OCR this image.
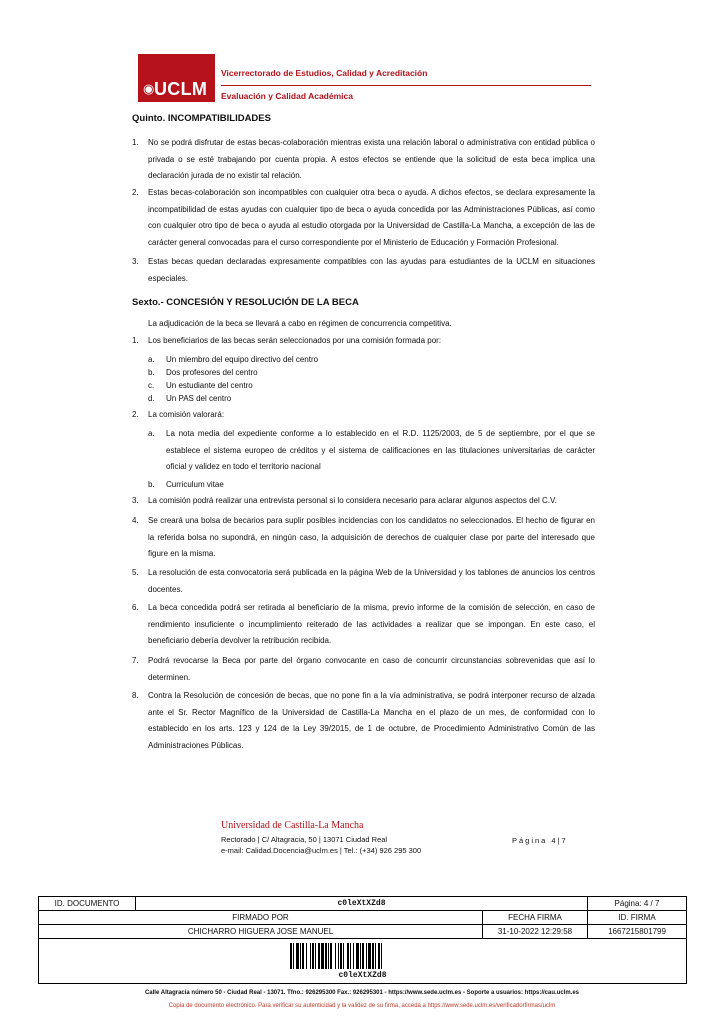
◉ UCLM
Vicerrectorado de Estudios, Calidad y Acreditación
Evaluación y Calidad Académica
Quinto. INCOMPATIBILIDADES
1. No se podrá disfrutar de estas becas-colaboración mientras exista una relación laboral o administrativa con entidad pública o privada o se esté trabajando por cuenta propia. A estos efectos se entiende que la solicitud de esta beca implica una declaración jurada de no existir tal relación.
2. Estas becas-colaboración son incompatibles con cualquier otra beca o ayuda. A dichos efectos, se declara expresamente la incompatibilidad de estas ayudas con cualquier tipo de beca o ayuda concedida por las Administraciones Públicas, así como con cualquier otro tipo de beca o ayuda al estudio otorgada por la Universidad de Castilla-La Mancha, a excepción de las de carácter general convocadas para el curso correspondiente por el Ministerio de Educación y Formación Profesional.
3. Estas becas quedan declaradas expresamente compatibles con las ayudas para estudiantes de la UCLM en situaciones especiales.
Sexto.- CONCESIÓN Y RESOLUCIÓN DE LA BECA
La adjudicación de la beca se llevará a cabo en régimen de concurrencia competitiva.
1. Los beneficiarios de las becas serán seleccionados por una comisión formada por:
a. Un miembro del equipo directivo del centro
b. Dos profesores del centro
c. Un estudiante del centro
d. Un PAS del centro
2. La comisión valorará:
a. La nota media del expediente conforme a lo establecido en el R.D. 1125/2003, de 5 de septiembre, por el que se establece el sistema europeo de créditos y el sistema de calificaciones en las titulaciones universitarias de carácter oficial y validez en todo el territorio nacional
b. Curriculum vitae
3. La comisión podrá realizar una entrevista personal si lo considera necesario para aclarar algunos aspectos del C.V.
4. Se creará una bolsa de becarios para suplir posibles incidencias con los candidatos no seleccionados. El hecho de figurar en la referida bolsa no supondrá, en ningún caso, la adquisición de derechos de cualquier clase por parte del interesado que figure en la misma.
5. La resolución de esta convocatoria será publicada en la página Web de la Universidad y los tablones de anuncios los centros docentes.
6. La beca concedida podrá ser retirada al beneficiario de la misma, previo informe de la comisión de selección, en caso de rendimiento insuficiente o incumplimiento reiterado de las actividades a realizar que se impongan. En este caso, el beneficiario debería devolver la retribución recibida.
7. Podrá revocarse la Beca por parte del órgano convocante en caso de concurrir circunstancias sobrevenidas que así lo determinen.
8. Contra la Resolución de concesión de becas, que no pone fin a la vía administrativa, se podrá interponer recurso de alzada ante el Sr. Rector Magnífico de la Universidad de Castilla-La Mancha en el plazo de un mes, de conformidad con lo establecido en los arts. 123 y 124 de la Ley 39/2015, de 1 de octubre, de Procedimiento Administrativo Común de las Administraciones Públicas.
Universidad de Castilla-La Mancha
Rectorado | C/ Altagracia, 50 | 13071 Ciudad Real
e-mail: Calidad.Docencia@uclm.es | Tel.: (+34) 926 295 300
Página 4|7
ID. DOCUMENTO	c0leXtXZd8		Página: 4 / 7
FIRMADO POR		FECHA FIRMA	ID. FIRMA
CHICHARRO HIGUERA JOSE MANUEL		31-10-2022 12:29:58	1667215801799

c0leXtXZd8			
Calle Altagracia número 50 - Ciudad Real - 13071. Tfno.: 926295300 Fax.: 926295301 - https://www.sede.uclm.es - Soporte a usuarios: https://cau.uclm.es
Copia de documento electrónico. Para verificar su autenticidad y la validez de su firma, acceda a https://www.sede.uclm.es/verificadorfirmas/uclm
